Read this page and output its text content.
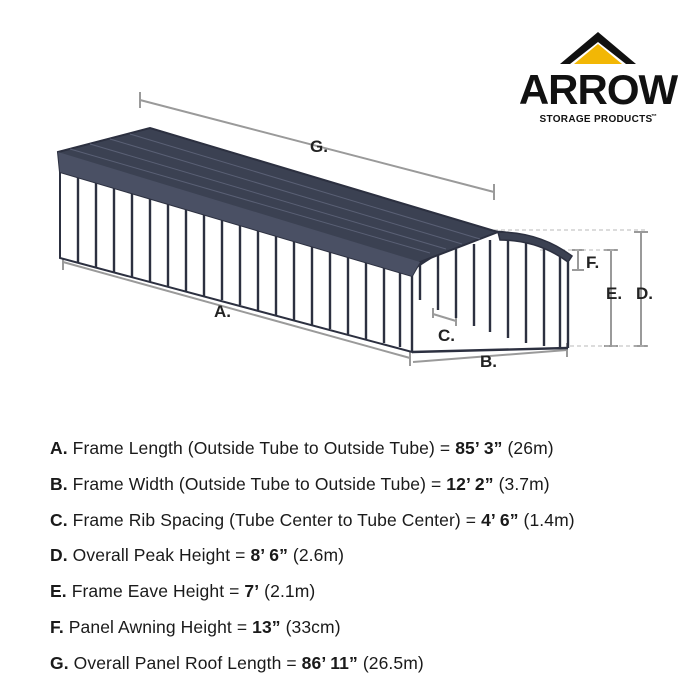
G.
A.
B.
C.
D.
E.
F.
ARROW
STORAGE PRODUCTS
™
A. Frame Length (Outside Tube to Outside Tube) = 85’ 3” (26m)
B. Frame Width (Outside Tube to Outside Tube) = 12’ 2” (3.7m)
C. Frame Rib Spacing (Tube Center to Tube Center) = 4’ 6” (1.4m)
D. Overall Peak Height = 8’ 6” (2.6m)
E. Frame Eave Height = 7’ (2.1m)
F. Panel Awning Height = 13” (33cm)
G. Overall Panel Roof Length = 86’ 11” (26.5m)
